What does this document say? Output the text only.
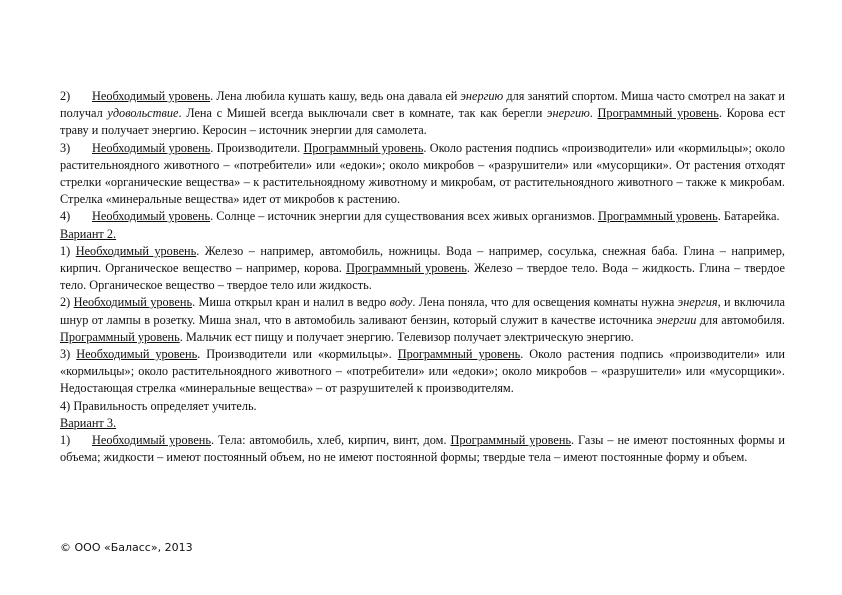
2) Необходимый уровень. Лена любила кушать кашу, ведь она давала ей энергию для занятий спортом. Миша часто смотрел на закат и получал удовольствие. Лена с Мишей всегда выключали свет в комнате, так как берегли энергию. Программный уровень. Корова ест траву и получает энергию. Керосин – источник энергии для самолета.

3) Необходимый уровень. Производители. Программный уровень. Около растения подпись «производители» или «кормильцы»; около растительноядного животного – «потребители» или «едоки»; около микробов – «разрушители» или «мусорщики». От растения отходят стрелки «органические вещества» – к растительноядному животному и микробам, от растительноядного животного – также к микробам. Стрелка «минеральные вещества» идет от микробов к растению.

4) Необходимый уровень. Солнце – источник энергии для существования всех живых организмов. Программный уровень. Батарейка.

Вариант 2.

1) Необходимый уровень. Железо – например, автомобиль, ножницы. Вода – например, сосулька, снежная баба. Глина – например, кирпич. Органическое вещество – например, корова. Программный уровень. Железо – твердое тело. Вода – жидкость. Глина – твердое тело. Органическое вещество – твердое тело или жидкость.

2) Необходимый уровень. Миша открыл кран и налил в ведро воду. Лена поняла, что для освещения комнаты нужна энергия, и включила шнур от лампы в розетку. Миша знал, что в автомобиль заливают бензин, который служит в качестве источника энергии для автомобиля. Программный уровень. Мальчик ест пищу и получает энергию. Телевизор получает электрическую энергию.

3) Необходимый уровень. Производители или «кормильцы». Программный уровень. Около растения подпись «производители» или «кормильцы»; около растительноядного животного – «потребители» или «едоки»; около микробов – «разрушители» или «мусорщики». Недостающая стрелка «минеральные вещества» – от разрушителей к производителям.

4) Правильность определяет учитель.

Вариант 3.

1) Необходимый уровень. Тела: автомобиль, хлеб, кирпич, винт, дом. Программный уровень. Газы – не имеют постоянных формы и объема; жидкости – имеют постоянный объем, но не имеют постоянной формы; твердые тела – имеют постоянные форму и объем.

© ООО «Баласс», 2013
